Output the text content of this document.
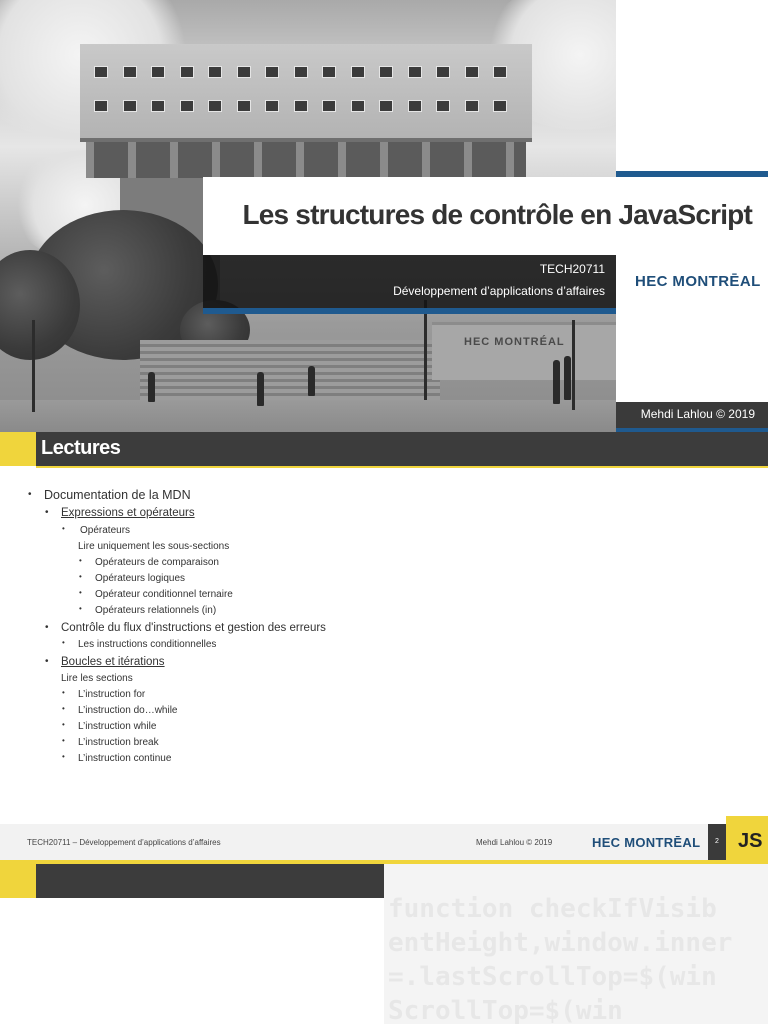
HEC MONTRÉAL
Les structures de contrôle en JavaScript
TECH20711
Développement d’applications d’affaires
HEC MONTRĒAL
Mehdi Lahlou © 2019
Lectures
• Documentation de la MDN
• Expressions et opérateurs
• Opérateurs
Lire uniquement les sous-sections
• Opérateurs de comparaison
• Opérateurs logiques
• Opérateur conditionnel ternaire
• Opérateurs relationnels (in)
• Contrôle du flux d'instructions et gestion des erreurs
• Les instructions conditionnelles
• Boucles et itérations
Lire les sections
• L’instruction for
• L’instruction do…while
• L’instruction while
• L’instruction break
• L’instruction continue
TECH20711 – Développement d’applications d’affaires	Mehdi Lahlou © 2019	HEC MONTRĒAL	2 JS
function checkIfVisib
entHeight,window.inner
=.lastScrollTop=$(win
ScrollTop=$(win
